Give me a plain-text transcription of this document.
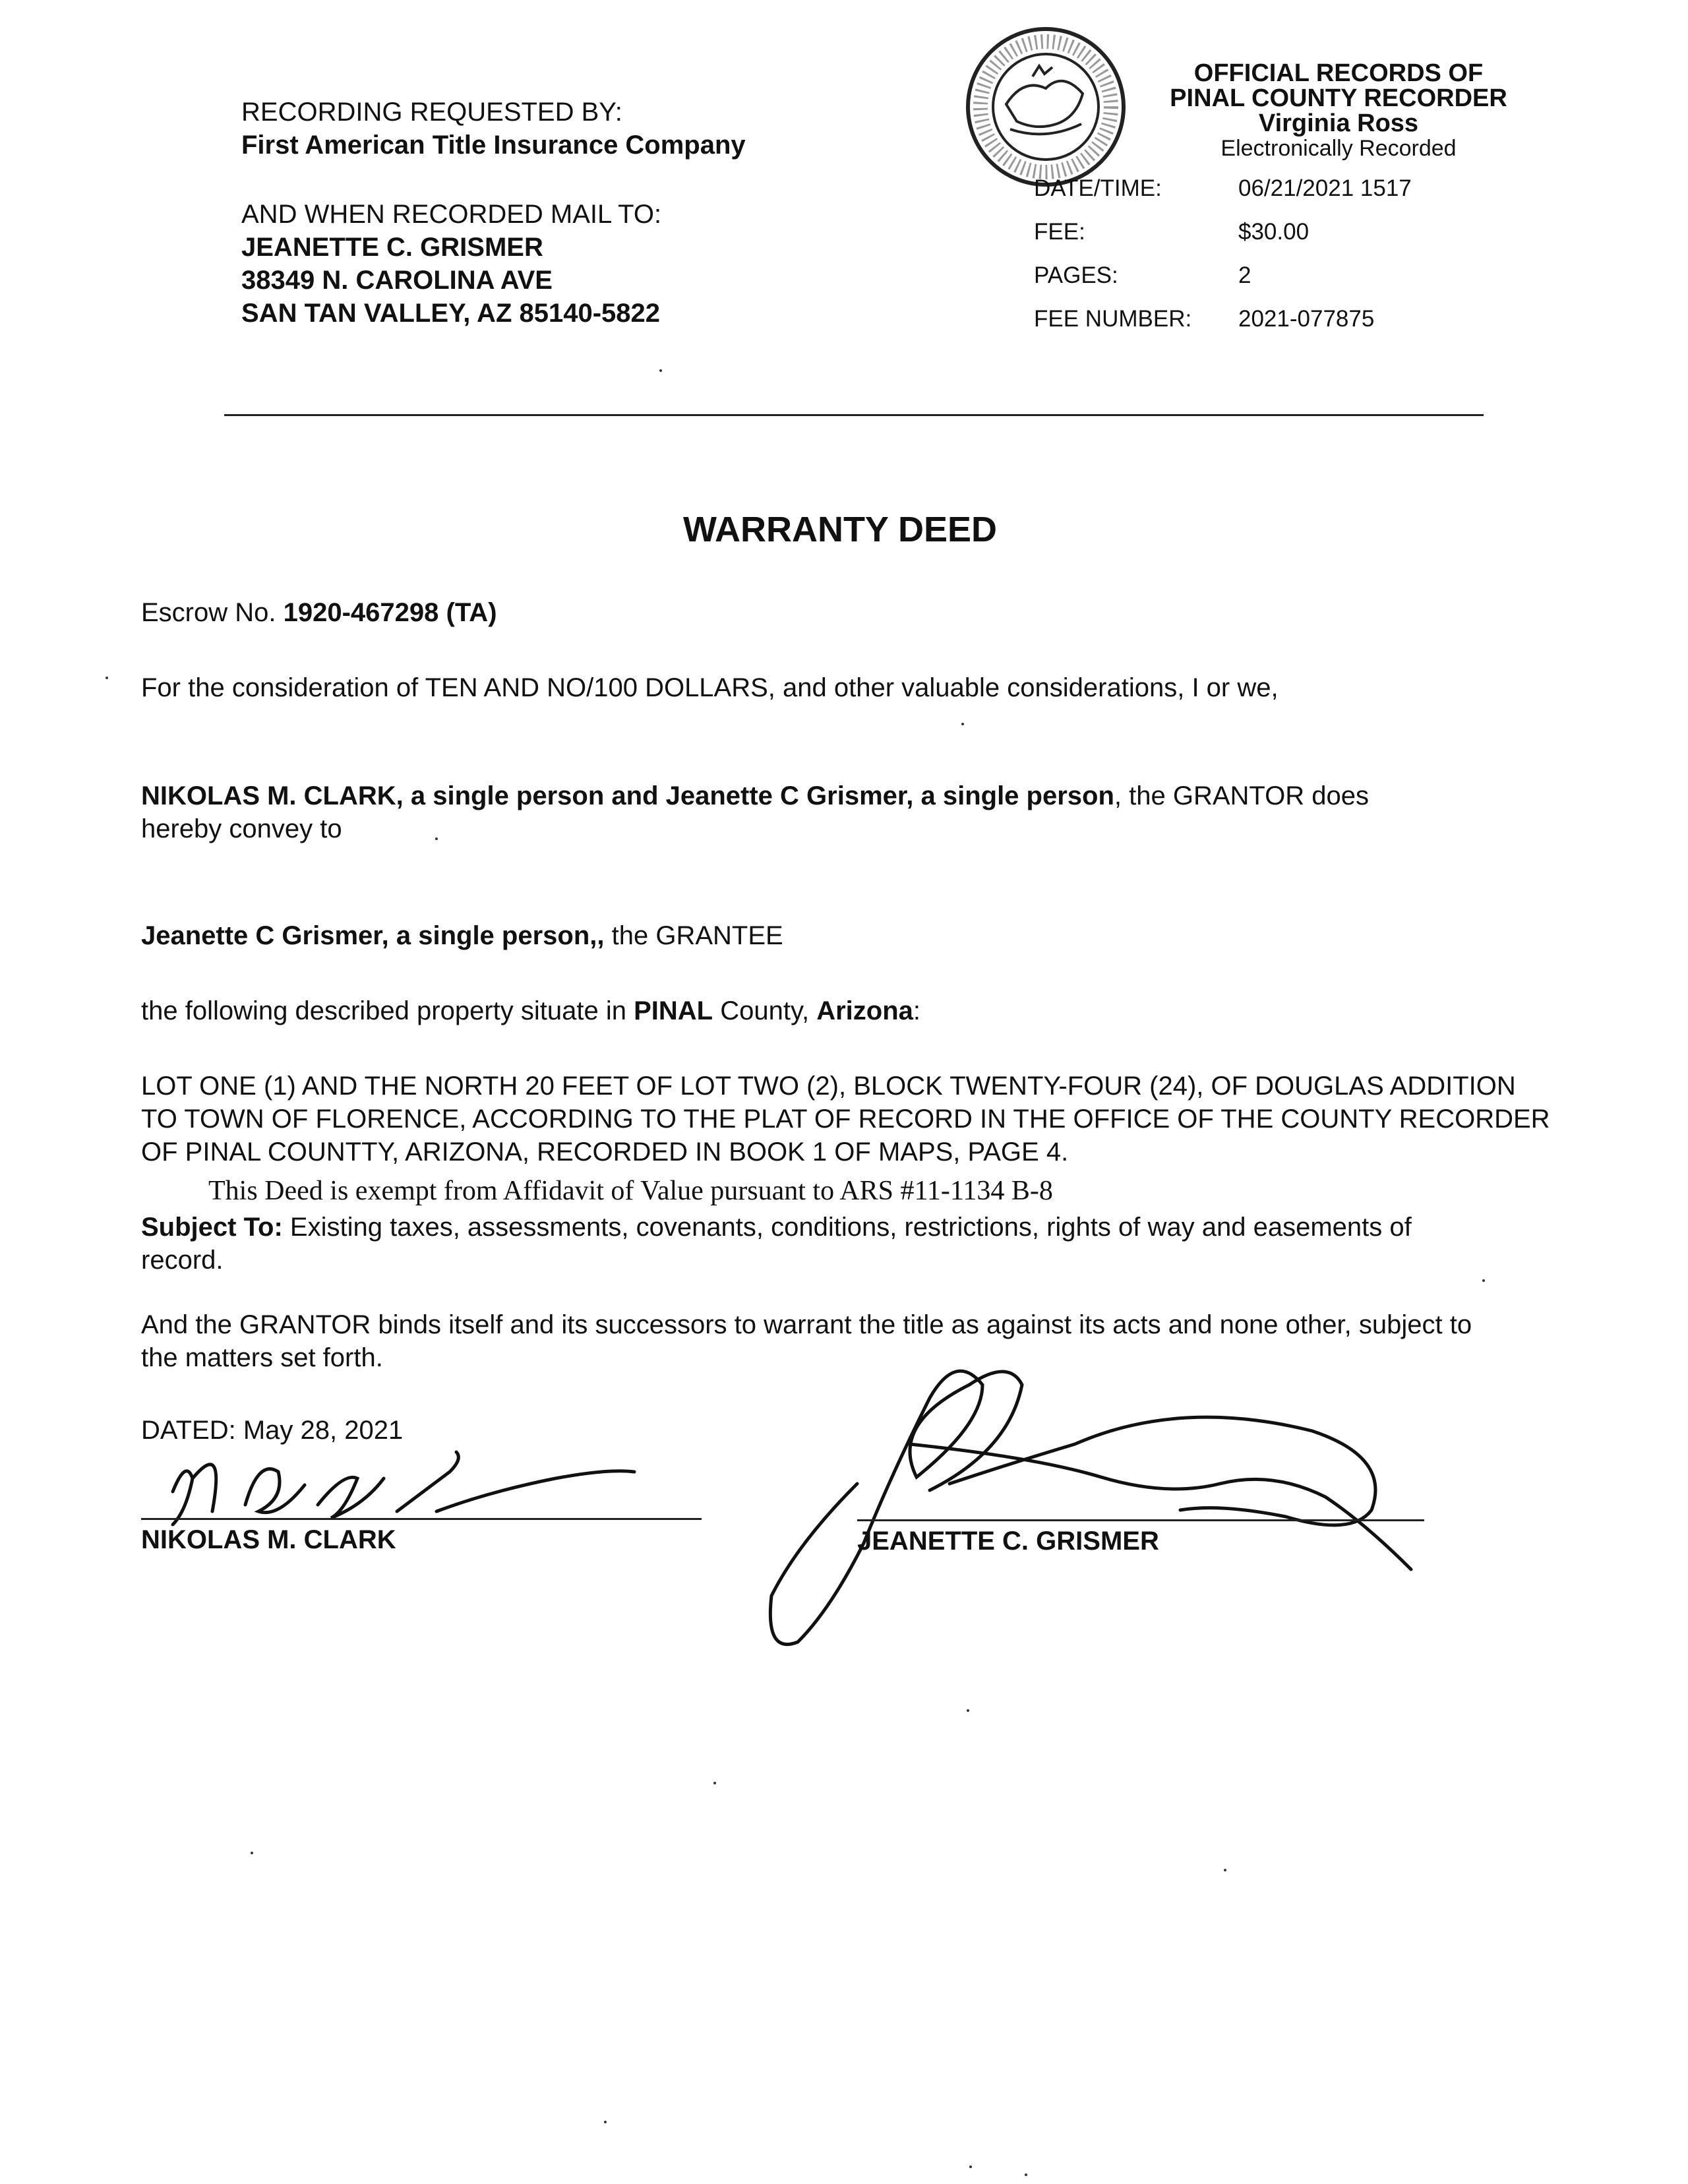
RECORDING REQUESTED BY:
First American Title Insurance Company
AND WHEN RECORDED MAIL TO:
JEANETTE C. GRISMER
38349 N. CAROLINA AVE
SAN TAN VALLEY, AZ 85140-5822
OFFICIAL RECORDS OF
PINAL COUNTY RECORDER
Virginia Ross
Electronically Recorded
DATE/TIME:	06/21/2021 1517
FEE:	$30.00
PAGES:	2
FEE NUMBER:	2021-077875
WARRANTY DEED
Escrow No. 1920-467298 (TA)
For the consideration of TEN AND NO/100 DOLLARS, and other valuable considerations, I or we,
NIKOLAS M. CLARK, a single person and Jeanette C Grismer, a single person, the GRANTOR does
hereby convey to
Jeanette C Grismer, a single person,, the GRANTEE
the following described property situate in PINAL County, Arizona:
LOT ONE (1) AND THE NORTH 20 FEET OF LOT TWO (2), BLOCK TWENTY-FOUR (24), OF DOUGLAS ADDITION
TO TOWN OF FLORENCE, ACCORDING TO THE PLAT OF RECORD IN THE OFFICE OF THE COUNTY RECORDER
OF PINAL COUNTTY, ARIZONA, RECORDED IN BOOK 1 OF MAPS, PAGE 4.
This Deed is exempt from Affidavit of Value pursuant to ARS #11-1134 B-8
Subject To: Existing taxes, assessments, covenants, conditions, restrictions, rights of way and easements of
record.
And the GRANTOR binds itself and its successors to warrant the title as against its acts and none other, subject to
the matters set forth.
DATED: May 28, 2021
NIKOLAS M. CLARK	JEANETTE C. GRISMER
